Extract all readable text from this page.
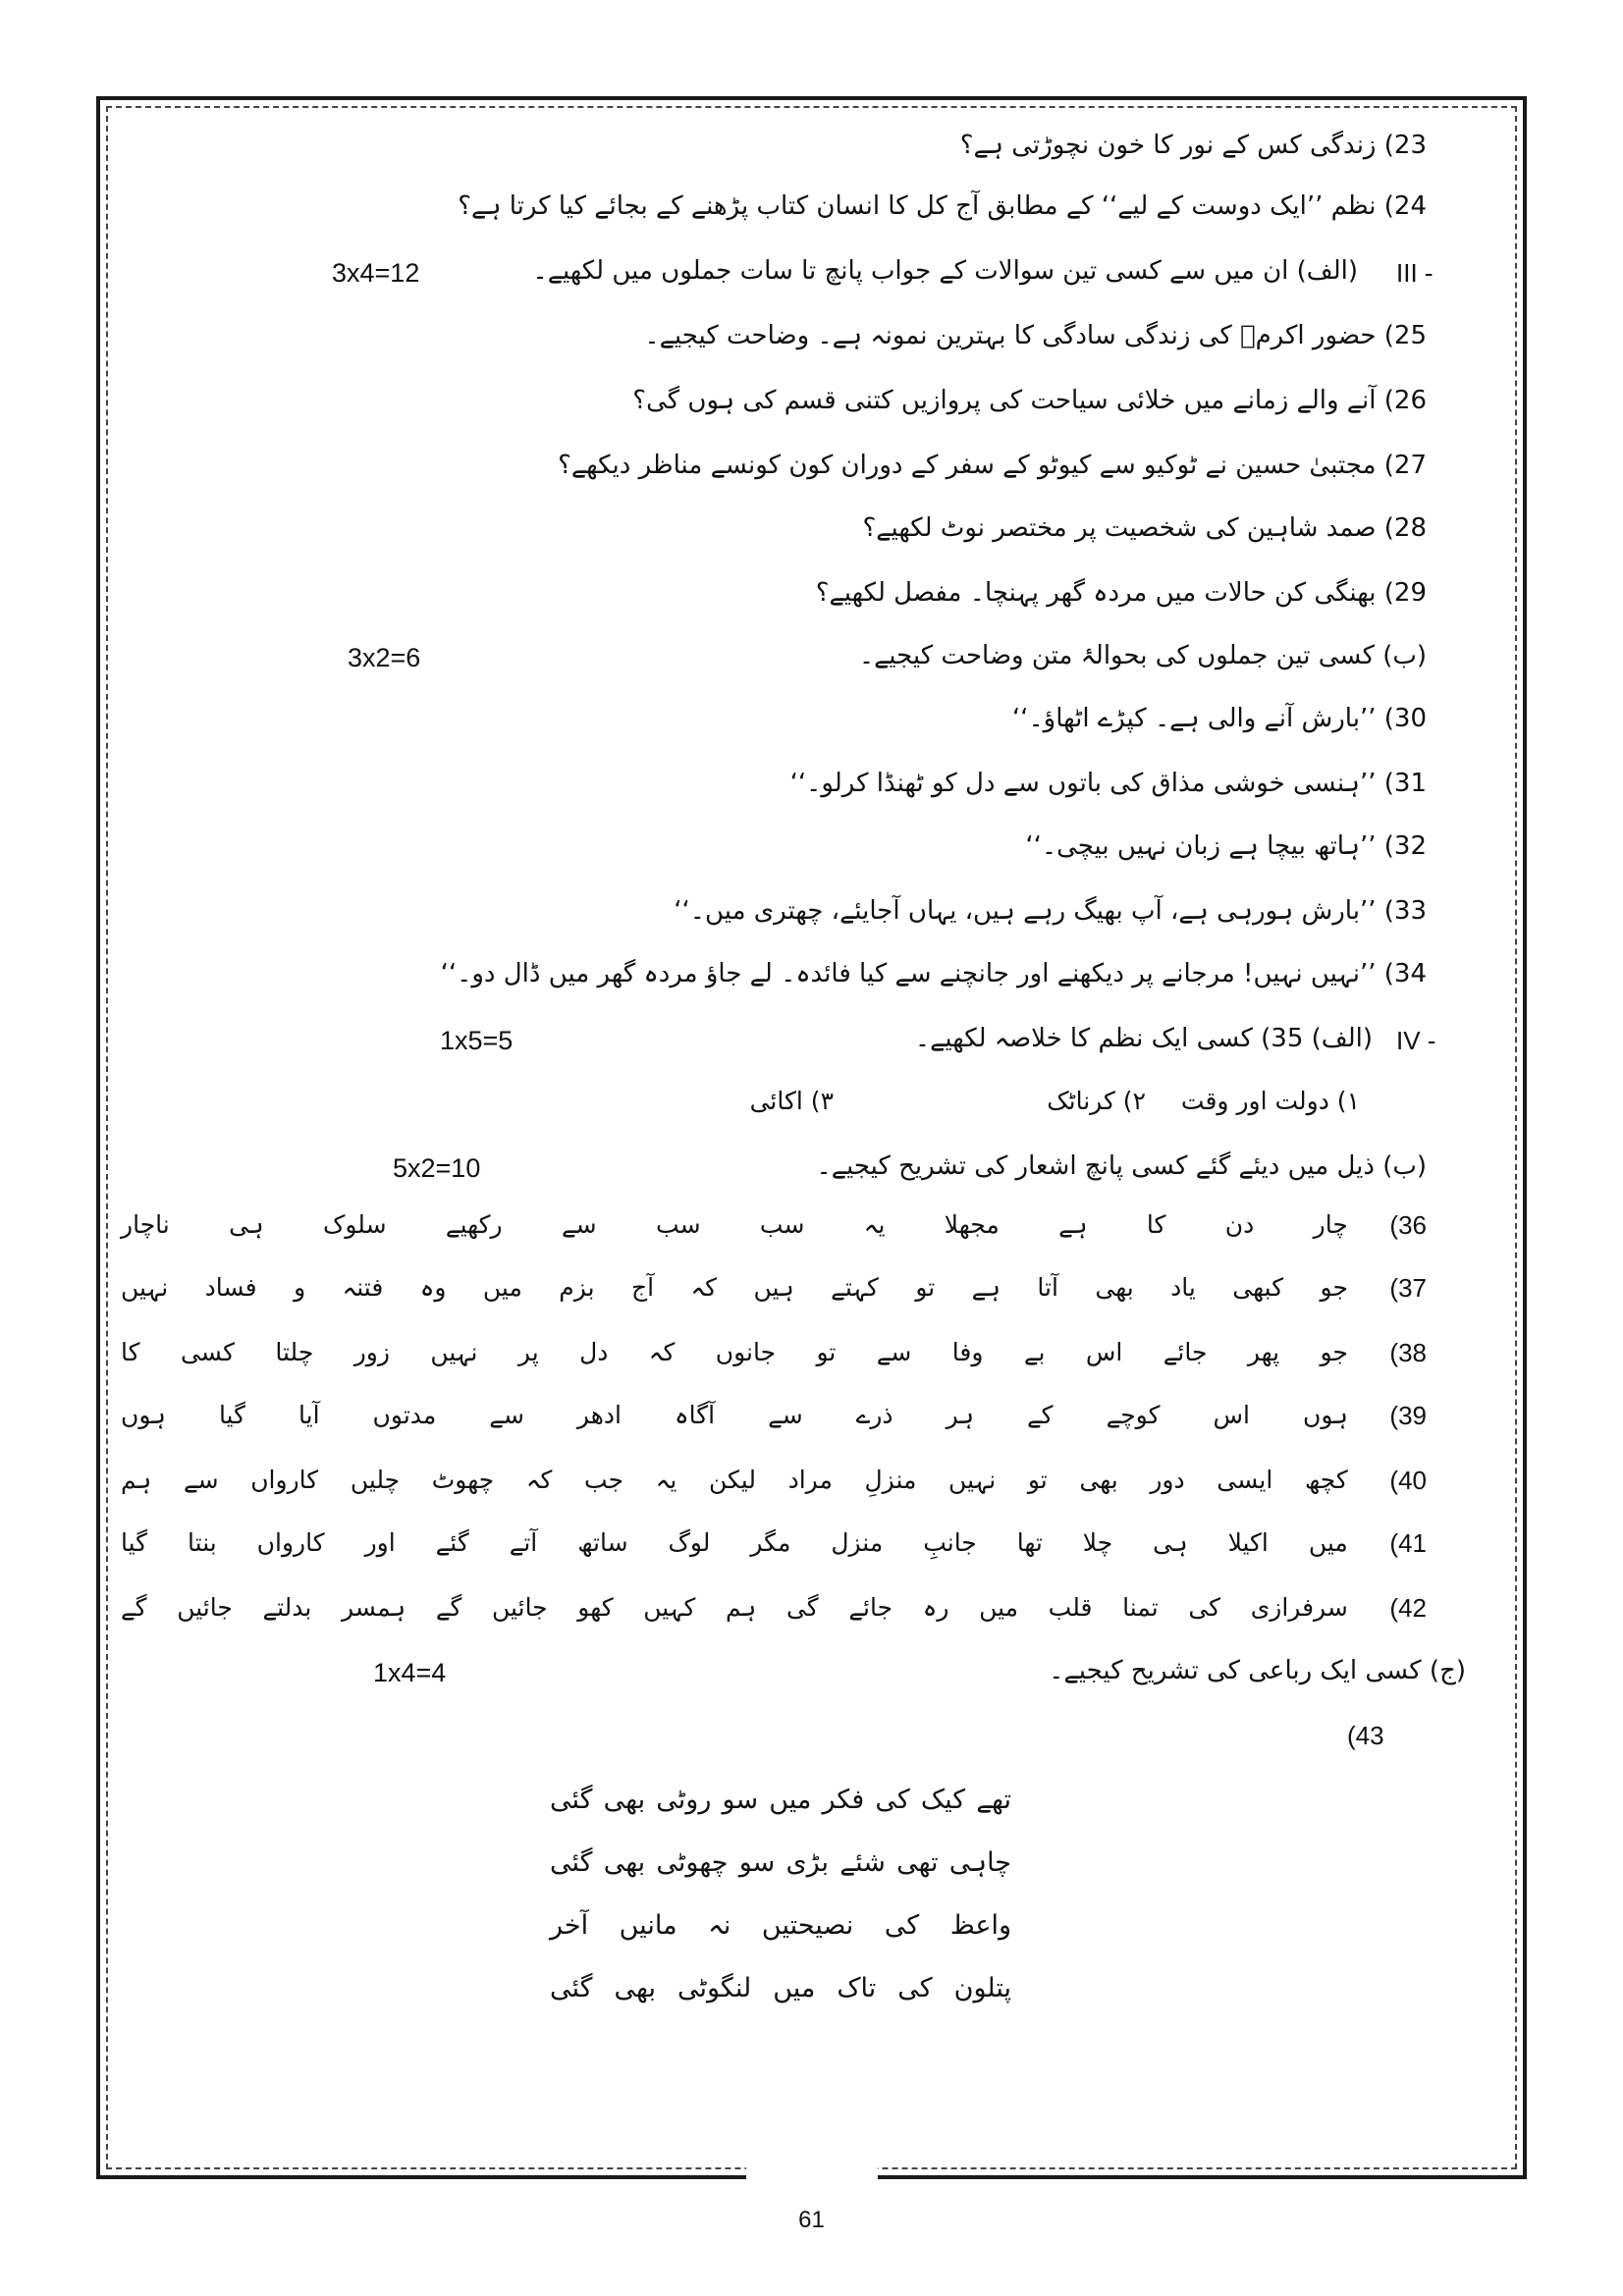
23) زندگی کس کے نور کا خون نچوڑتی ہے؟
24) نظم ’’ایک دوست کے لیے‘‘ کے مطابق آج کل کا انسان کتاب پڑھنے کے بجائے کیا کرتا ہے؟
III -
(الف) ان میں سے کسی تین سوالات کے جواب پانچ تا سات جملوں میں لکھیے۔
3x4=12
25) حضور اکرمؐ کی زندگی سادگی کا بہترین نمونہ ہے۔ وضاحت کیجیے۔
26) آنے والے زمانے میں خلائی سیاحت کی پروازیں کتنی قسم کی ہوں گی؟
27) مجتبیٰ حسین نے ٹوکیو سے کیوٹو کے سفر کے دوران کون کونسے مناظر دیکھے؟
28) صمد شاہین کی شخصیت پر مختصر نوٹ لکھیے؟
29) بھنگی کن حالات میں مردہ گھر پہنچا۔ مفصل لکھیے؟
(ب) کسی تین جملوں کی بحوالۂ متن وضاحت کیجیے۔
3x2=6
30) ’’بارش آنے والی ہے۔ کپڑے اٹھاؤ۔‘‘
31) ’’ہنسی خوشی مذاق کی باتوں سے دل کو ٹھنڈا کرلو۔‘‘
32) ’’ہاتھ بیچا ہے زبان نہیں بیچی۔‘‘
33) ’’بارش ہورہی ہے، آپ بھیگ رہے ہیں، یہاں آجایئے، چھتری میں۔‘‘
34) ’’نہیں نہیں! مرجانے پر دیکھنے اور جانچنے سے کیا فائدہ۔ لے جاؤ مردہ گھر میں ڈال دو۔‘‘
IV -
(الف) 35) کسی ایک نظم کا خلاصہ لکھیے۔
1x5=5
۱) دولت اور وقت
۲) کرناٹک
۳) اکائی
(ب) ذیل میں دیئے گئے کسی پانچ اشعار کی تشریح کیجیے۔
5x2=10
(36
چار
دن
کا
ہے
مجھلا
یہ
سب
سب
سے
رکھیے
سلوک
ہی
ناچار
(37
جو
کبھی
یاد
بھی
آتا
ہے
تو
کہتے
ہیں
کہ
آج
بزم
میں
وہ
فتنہ
و
فساد
نہیں
(38
جو
پھر
جائے
اس
بے
وفا
سے
تو
جانوں
کہ
دل
پر
نہیں
زور
چلتا
کسی
کا
(39
ہوں
اس
کوچے
کے
ہر
ذرے
سے
آگاہ
ادھر
سے
مدتوں
آیا
گیا
ہوں
(40
کچھ
ایسی
دور
بھی
تو
نہیں
منزلِ
مراد
لیکن
یہ
جب
کہ
چھوٹ
چلیں
کارواں
سے
ہم
(41
میں
اکیلا
ہی
چلا
تھا
جانبِ
منزل
مگر
لوگ
ساتھ
آتے
گئے
اور
کارواں
بنتا
گیا
(42
سرفرازی
کی
تمنا
قلب
میں
رہ
جائے
گی
ہم
کہیں
کھو
جائیں
گے
ہمسر
بدلتے
جائیں
گے
(ج) کسی ایک رباعی کی تشریح کیجیے۔
1x4=4
(43
تھے کیک کی فکر میں سو روٹی بھی گئی
چاہی تھی شئے بڑی سو چھوٹی بھی گئی
واعظ کی نصیحتیں نہ مانیں آخر
پتلون کی تاک میں لنگوٹی بھی گئی
61
